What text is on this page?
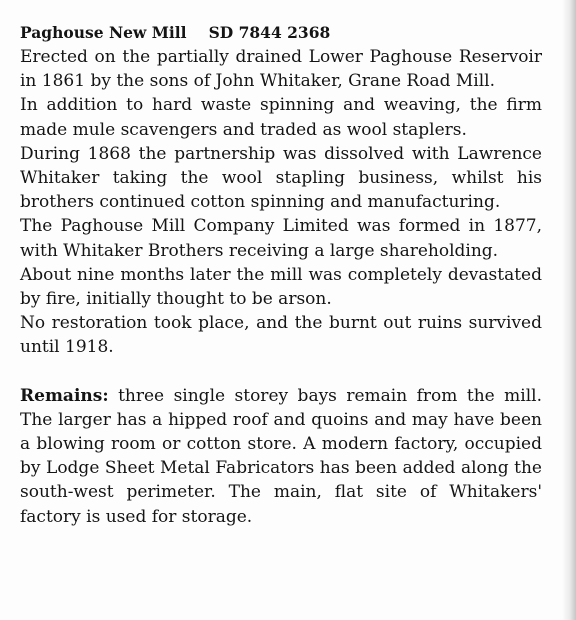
Paghouse New Mill SD 7844 2368

Erected on the partially drained Lower Paghouse Reservoir in 1861 by the sons of John Whitaker, Grane Road Mill.

In addition to hard waste spinning and weaving, the firm made mule scavengers and traded as wool staplers.

During 1868 the partnership was dissolved with Lawrence Whitaker taking the wool stapling business, whilst his brothers continued cotton spinning and manufacturing.

The Paghouse Mill Company Limited was formed in 1877, with Whitaker Brothers receiving a large shareholding.

About nine months later the mill was completely devastated by fire, initially thought to be arson.

No restoration took place, and the burnt out ruins survived until 1918.

Remains: three single storey bays remain from the mill. The larger has a hipped roof and quoins and may have been a blowing room or cotton store. A modern factory, occupied by Lodge Sheet Metal Fabricators has been added along the south-west perimeter. The main, flat site of Whitakers' factory is used for storage.
